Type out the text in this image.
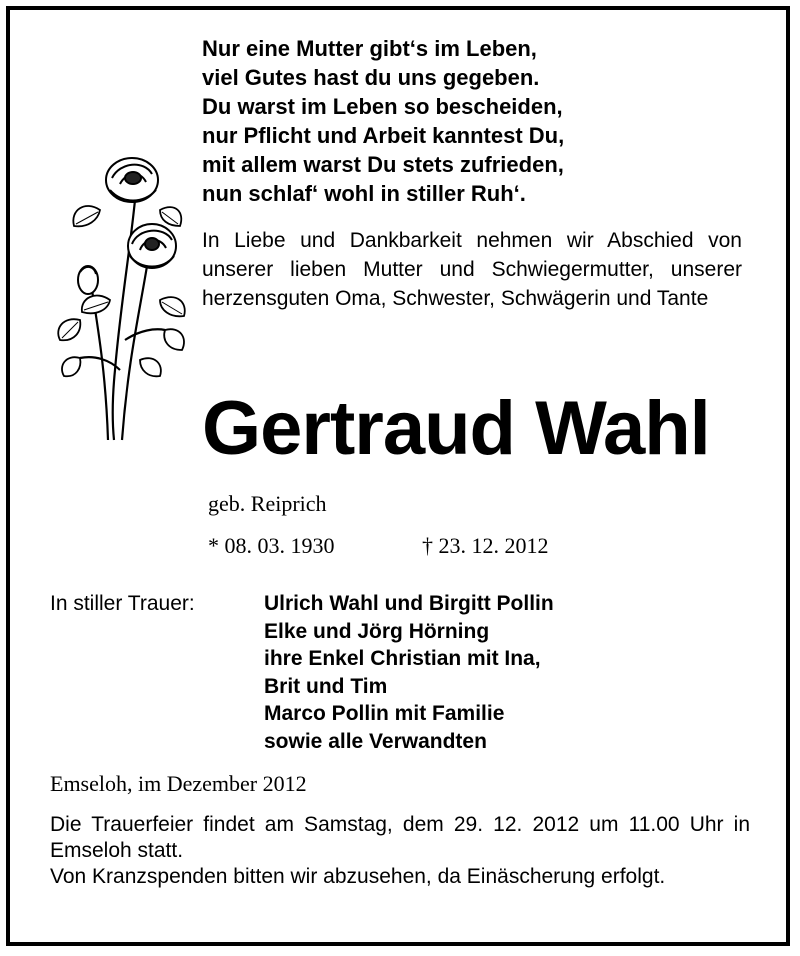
Nur eine Mutter gibt‘s im Leben,
viel Gutes hast du uns gegeben.
Du warst im Leben so bescheiden,
nur Pflicht und Arbeit kanntest Du,
mit allem warst Du stets zufrieden,
nun schlaf‘ wohl in stiller Ruh‘.
In Liebe und Dankbarkeit nehmen wir Abschied von unserer lieben Mutter und Schwiegermutter, unserer herzensguten Oma, Schwester, Schwägerin und Tante
Gertraud Wahl
geb. Reiprich
* 08. 03. 1930	† 23. 12. 2012
In stiller Trauer:	Ulrich Wahl und Birgitt Pollin
Elke und Jörg Hörning
ihre Enkel Christian mit Ina,
Brit und Tim
Marco Pollin mit Familie
sowie alle Verwandten
Emseloh, im Dezember 2012

Die Trauerfeier findet am Samstag, dem 29. 12. 2012 um 11.00 Uhr in Emseloh statt.

Von Kranzspenden bitten wir abzusehen, da Einäscherung erfolgt.
